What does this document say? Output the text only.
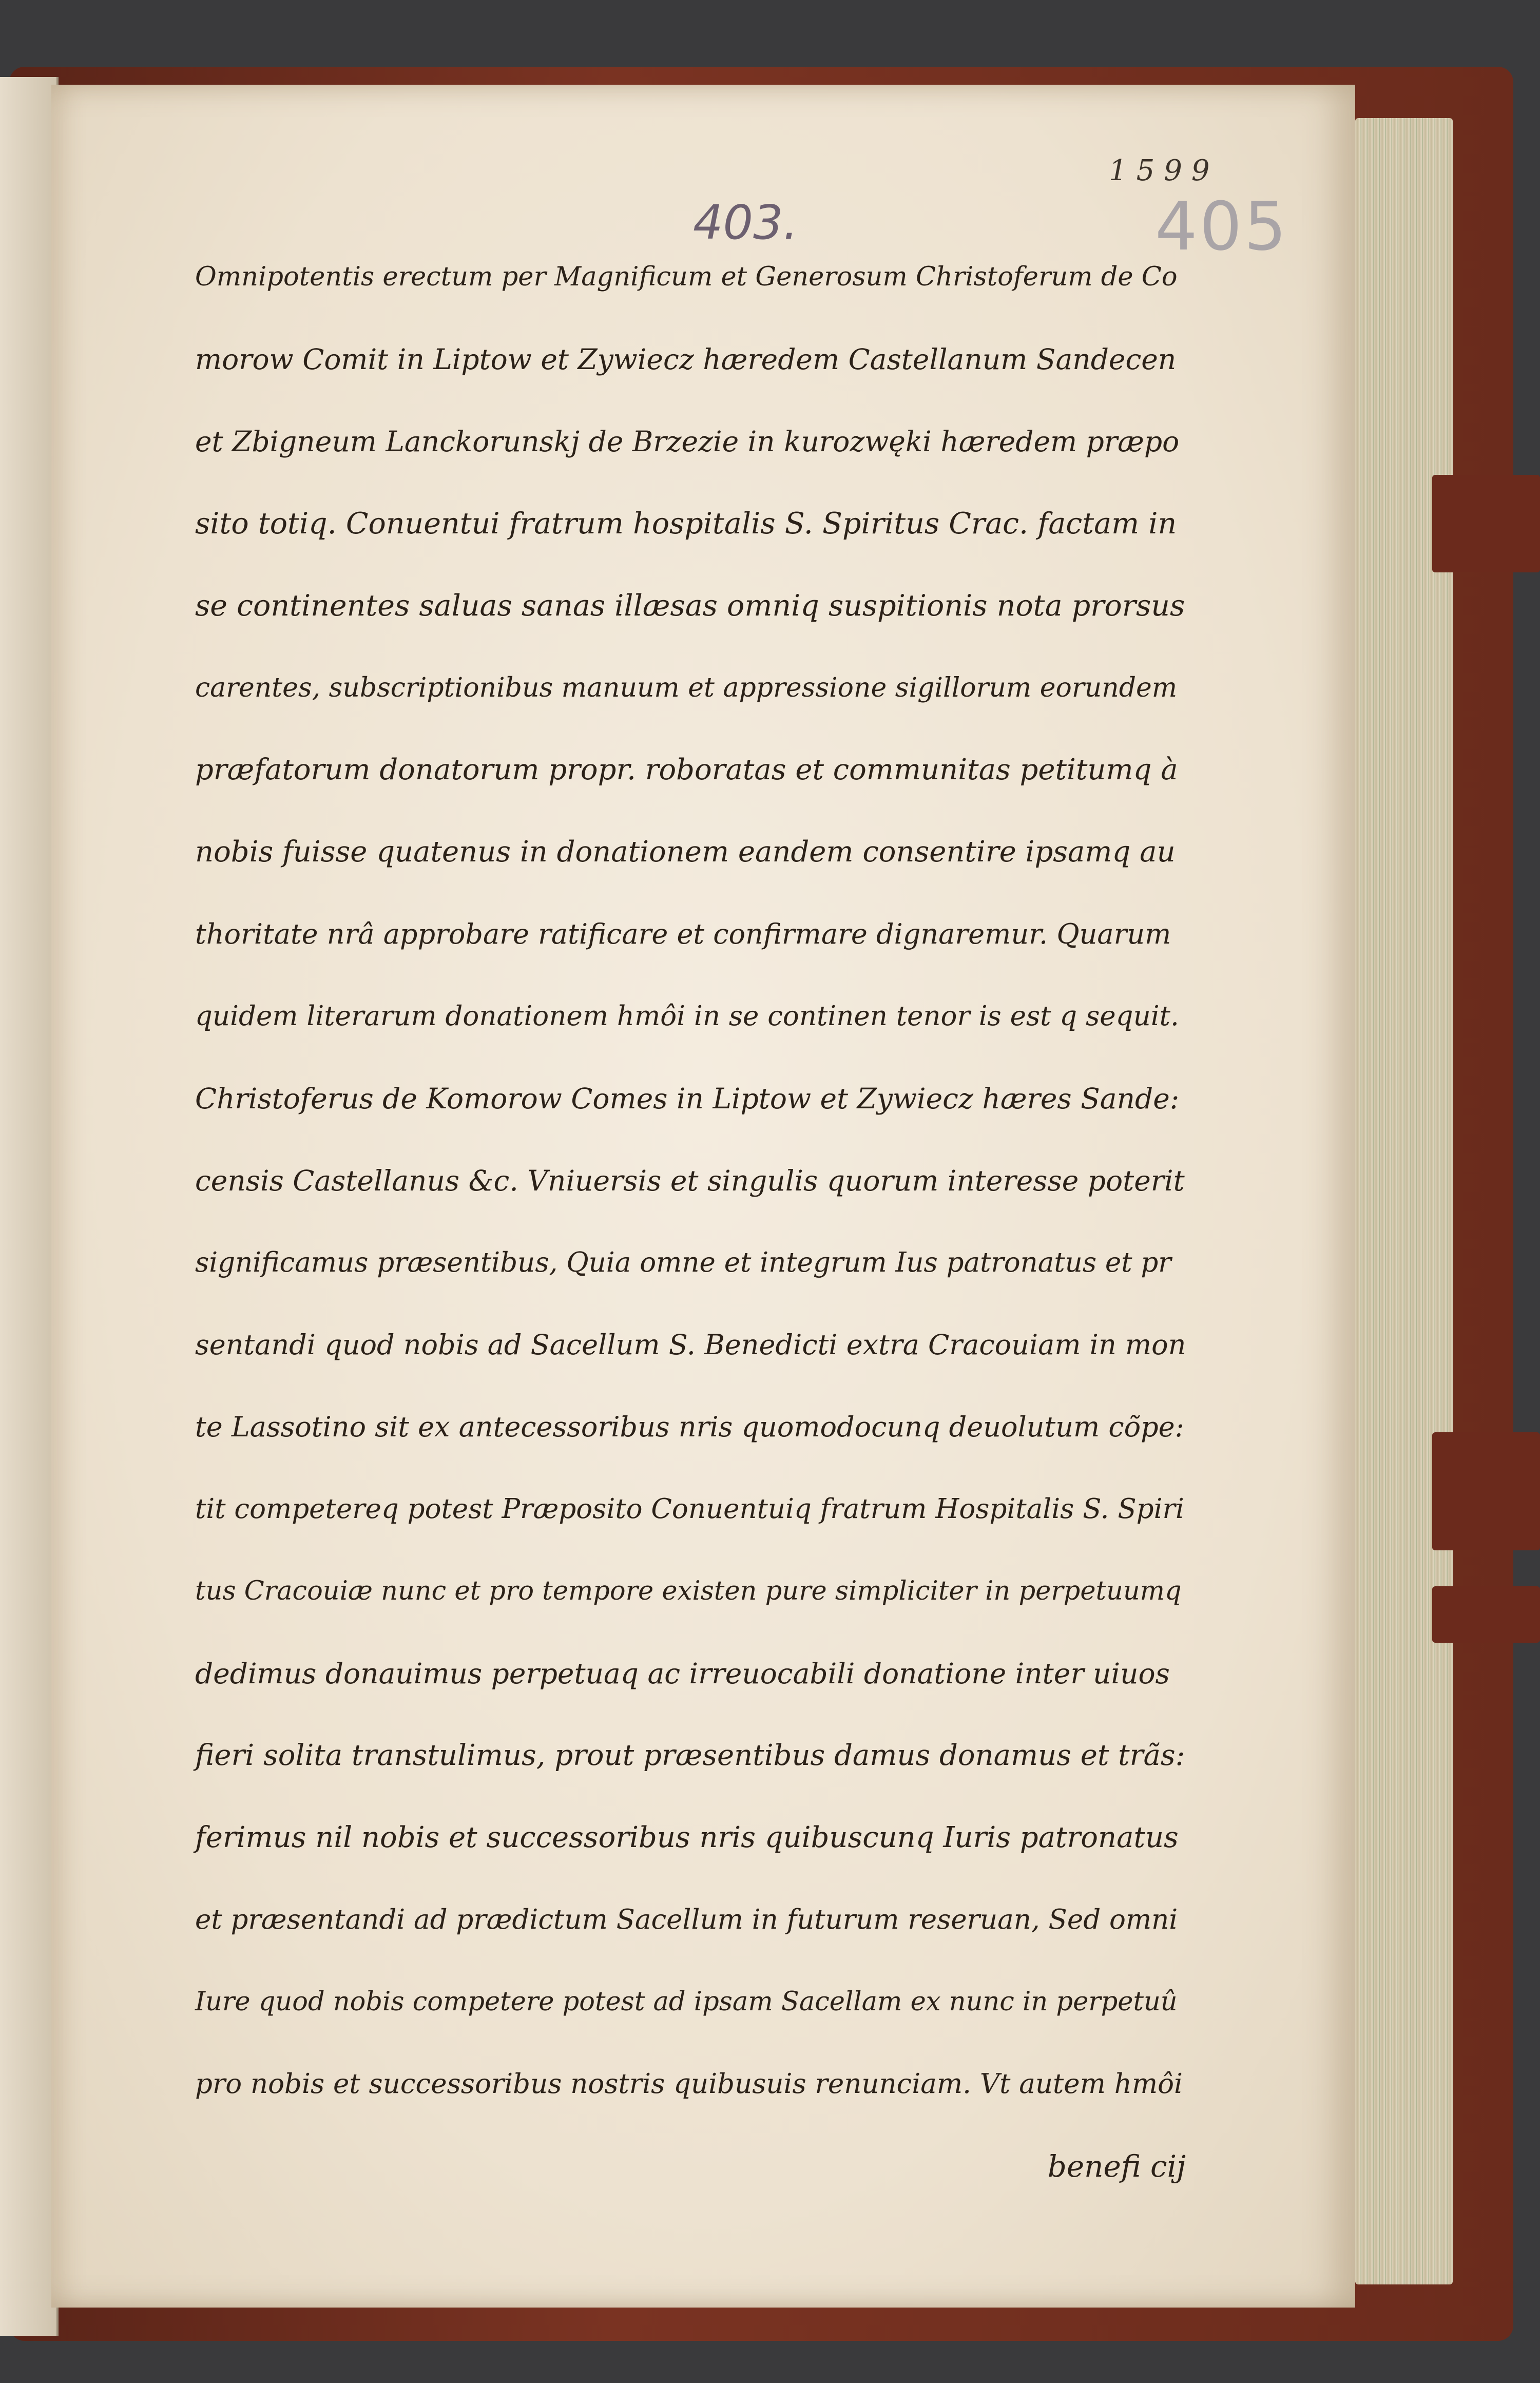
1599
405
403.
Omnipotentis erectum per Magnificum et Generosum Christoferum de Co
morow Comit in Liptow et Zywiecz hæredem Castellanum Sandecen
et Zbigneum Lanckorunskj de Brzezie in kurozwęki hæredem præpo
sito totiq. Conuentui fratrum hospitalis S. Spiritus Crac. factam in
se continentes saluas sanas illæsas omniq suspitionis nota prorsus
carentes, subscriptionibus manuum et appressione sigillorum eorundem
præfatorum donatorum propr. roboratas et communitas petitumq à
nobis fuisse quatenus in donationem eandem consentire ipsamq au
thoritate nrâ approbare ratificare et confirmare dignaremur. Quarum
quidem literarum donationem hmôi in se continen tenor is est q sequit.
Christoferus de Komorow Comes in Liptow et Zywiecz hæres Sande:
censis Castellanus &c. Vniuersis et singulis quorum interesse poterit
significamus præsentibus, Quia omne et integrum Ius patronatus et pr
sentandi quod nobis ad Sacellum S. Benedicti extra Cracouiam in mon
te Lassotino sit ex antecessoribus nris quomodocunq deuolutum cõpe:
tit competereq potest Præposito Conuentuiq fratrum Hospitalis S. Spiri
tus Cracouiæ nunc et pro tempore existen pure simpliciter in perpetuumq
dedimus donauimus perpetuaq ac irreuocabili donatione inter uiuos
fieri solita transtulimus, prout præsentibus damus donamus et trãs:
ferimus nil nobis et successoribus nris quibuscunq Iuris patronatus
et præsentandi ad prædictum Sacellum in futurum reseruan, Sed omni
Iure quod nobis competere potest ad ipsam Sacellam ex nunc in perpetuû
pro nobis et successoribus nostris quibusuis renunciam. Vt autem hmôi
benefi cij
